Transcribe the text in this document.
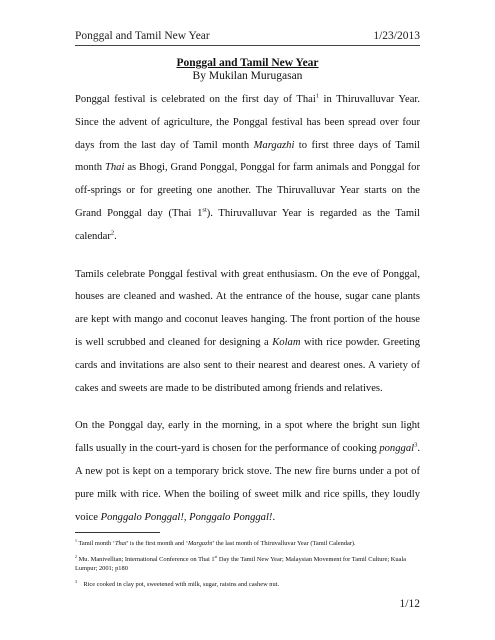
Ponggal and Tamil New Year	1/23/2013
Ponggal and Tamil New Year
By Mukilan Murugasan

Ponggal festival is celebrated on the first day of Thai$^1$ in Thiruvalluvar Year. Since the advent of agriculture, the Ponggal festival has been spread over four days from the last day of Tamil month Margazhi to first three days of Tamil month Thai as Bhogi, Grand Ponggal, Ponggal for farm animals and Ponggal for off-springs or for greeting one another. The Thiruvalluvar Year starts on the Grand Ponggal day (Thai 1st). Thiruvalluvar Year is regarded as the Tamil calendar$^2$.

Tamils celebrate Ponggal festival with great enthusiasm. On the eve of Ponggal, houses are cleaned and washed. At the entrance of the house, sugar cane plants are kept with mango and coconut leaves hanging. The front portion of the house is well scrubbed and cleaned for designing a Kolam with rice powder. Greeting cards and invitations are also sent to their nearest and dearest ones. A variety of cakes and sweets are made to be distributed among friends and relatives.

On the Ponggal day, early in the morning, in a spot where the bright sun light falls usually in the court-yard is chosen for the performance of cooking ponggal$^3$. A new pot is kept on a temporary brick stove. The new fire burns under a pot of pure milk with rice. When the boiling of sweet milk and rice spills, they loudly voice Ponggalo Ponggal!, Ponggalo Ponggal!.

$^1$ Tamil month ‘Thai’ is the first month and ‘Margazhi’ the last month of Thiruvalluvar Year (Tamil Calendar).
$^2$ Mu. Manivellian; International Conference on Thai 1st Day the Tamil New Year; Malaysian Movement for Tamil Culture; Kuala Lumpur; 2001; p180
$^3$ Rice cooked in clay pot, sweetened with milk, sugar, raisins and cashew nut.
1/12
